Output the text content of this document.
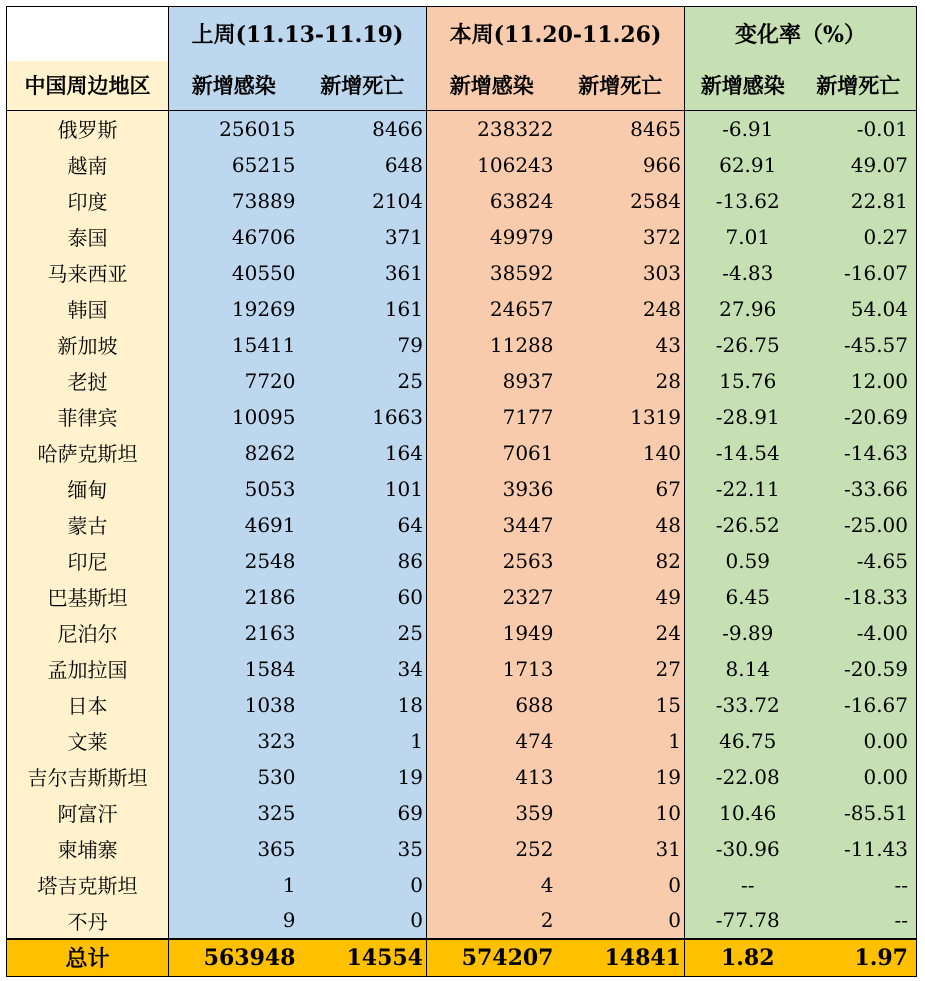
	上周(11.13-11.19)		本周(11.20-11.26)		变化率（%）	
中国周边地区	新增感染	新增死亡	新增感染	新增死亡	新增感染	新增死亡
俄罗斯	256015	8466	238322	8465	-6.91	-0.01
越南	65215	648	106243	966	62.91	49.07
印度	73889	2104	63824	2584	-13.62	22.81
泰国	46706	371	49979	372	7.01	0.27
马来西亚	40550	361	38592	303	-4.83	-16.07
韩国	19269	161	24657	248	27.96	54.04
新加坡	15411	79	11288	43	-26.75	-45.57
老挝	7720	25	8937	28	15.76	12.00
菲律宾	10095	1663	7177	1319	-28.91	-20.69
哈萨克斯坦	8262	164	7061	140	-14.54	-14.63
缅甸	5053	101	3936	67	-22.11	-33.66
蒙古	4691	64	3447	48	-26.52	-25.00
印尼	2548	86	2563	82	0.59	-4.65
巴基斯坦	2186	60	2327	49	6.45	-18.33
尼泊尔	2163	25	1949	24	-9.89	-4.00
孟加拉国	1584	34	1713	27	8.14	-20.59
日本	1038	18	688	15	-33.72	-16.67
文莱	323	1	474	1	46.75	0.00
吉尔吉斯斯坦	530	19	413	19	-22.08	0.00
阿富汗	325	69	359	10	10.46	-85.51
柬埔寨	365	35	252	31	-30.96	-11.43
塔吉克斯坦	1	0	4	0	--	--
不丹	9	0	2	0	-77.78	--
总计	563948	14554	574207	14841	1.82	1.97
